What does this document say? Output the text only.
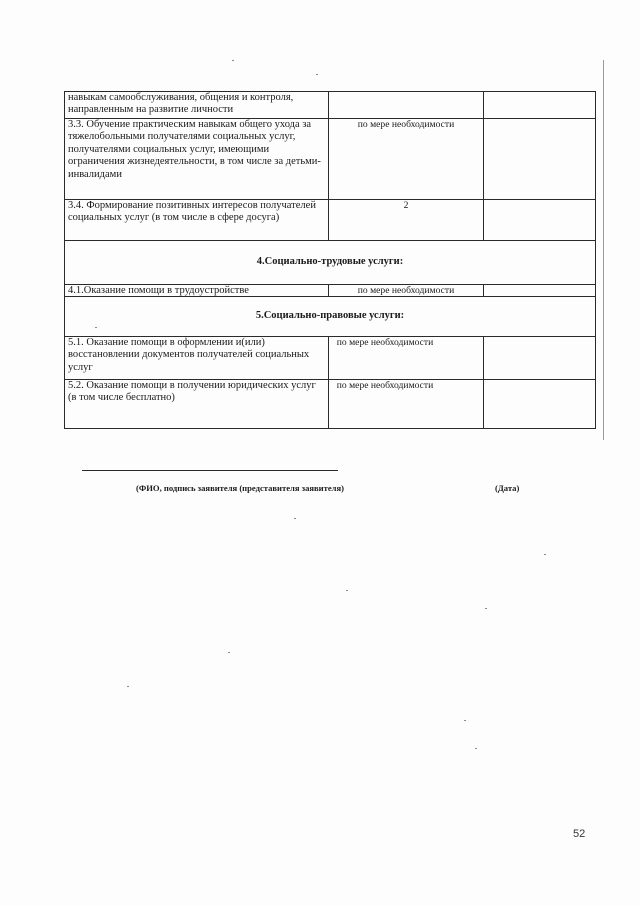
навыкам самообслуживания, общения и контроля, направленным на развитие личности		
3.3. Обучение практическим навыкам общего ухода за тяжелобольными получателями социальных услуг, получателями социальных услуг, имеющими ограничения жизнедеятельности, в том числе за детьми-инвалидами	по мере необходимости	
3.4. Формирование позитивных интересов получателей социальных услуг (в том числе в сфере досуга)	2	
4.Социально-трудовые услуги:		
4.1.Оказание помощи в трудоустройстве	по мере необходимости	
5.Социально-правовые услуги:		
5.1. Оказание помощи в оформлении и(или) восстановлении документов получателей социальных услуг	по мере необходимости	
5.2. Оказание помощи в получении юридических услуг (в том числе бесплатно)	по мере необходимости	
(ФИО, подпись заявителя (представителя заявителя)	(Дата)
52
